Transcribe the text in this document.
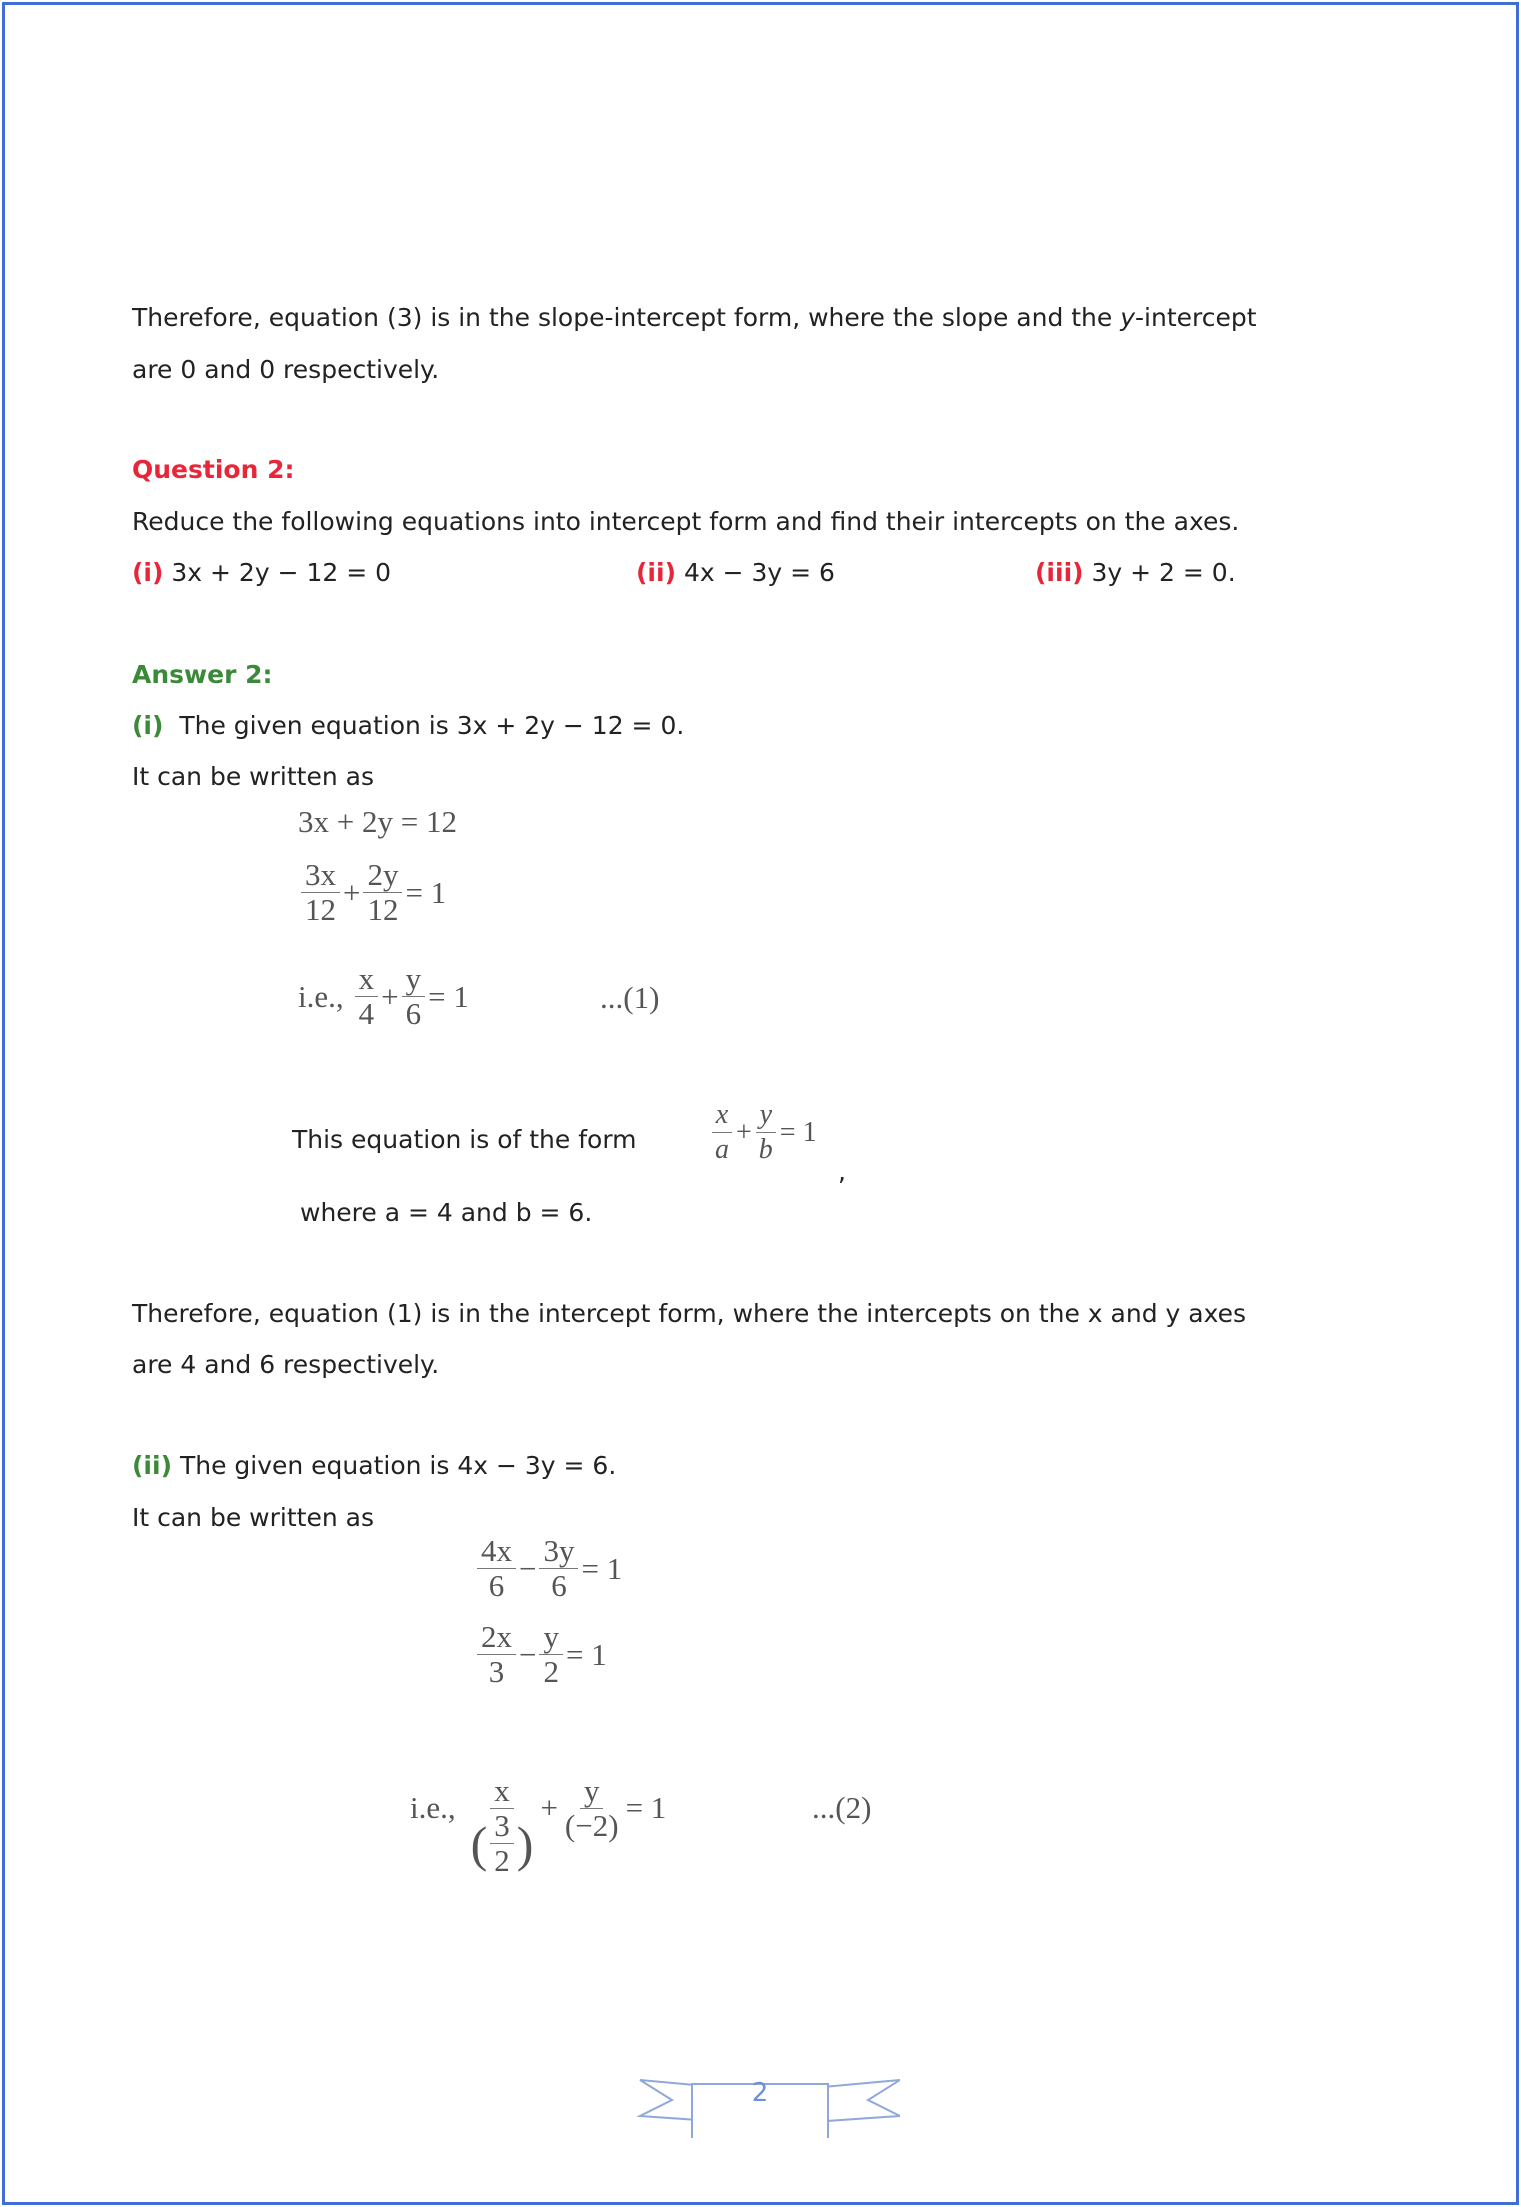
Therefore, equation (3) is in the slope-intercept form, where the slope and the y-intercept
are 0 and 0 respectively.
Question 2:
Reduce the following equations into intercept form and find their intercepts on the axes.
(i) 3x + 2y − 12 = 0	(ii) 4x − 3y = 6	(iii) 3y + 2 = 0.
Answer 2:
(i) The given equation is 3x + 2y − 12 = 0.
It can be written as
3x + 2y = 12
$\frac{3x}{12} + \frac{2y}{12} = 1$
i.e., $\frac{x}{4} + \frac{y}{6} = 1$	...(1)
This equation is of the form	$\frac{x}{a} + \frac{y}{b} = 1$
,
where a = 4 and b = 6.
Therefore, equation (1) is in the intercept form, where the intercepts on the x and y axes
are 4 and 6 respectively.
(ii) The given equation is 4x − 3y = 6.
It can be written as
$\frac{4x}{6} - \frac{3y}{6} = 1$
$\frac{2x}{3} - \frac{y}{2} = 1$
i.e., $\frac{x}{( \frac{3}{2} )} + \frac{y}{(-2)} = 1$	...(2)
2
